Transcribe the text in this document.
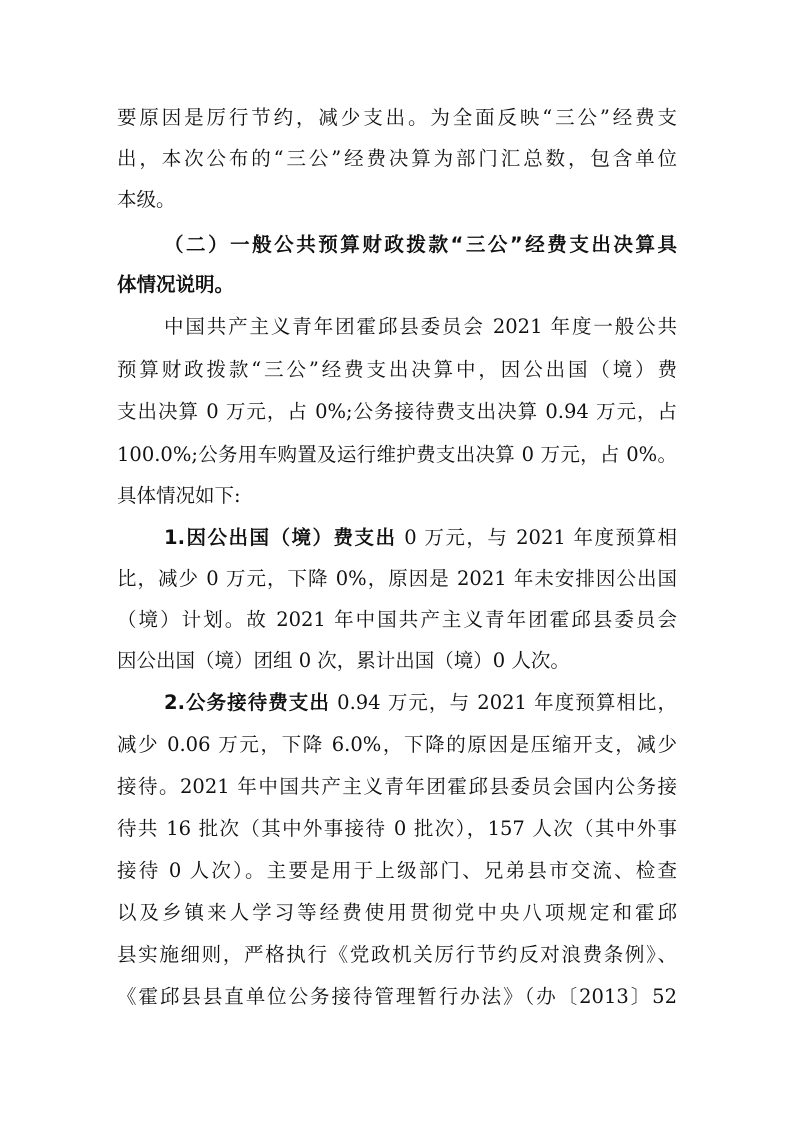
要原因是厉行节约，减少支出。为全面反映“三公”经费支
出，本次公布的“三公”经费决算为部门汇总数，包含单位
本级。
（二）一般公共预算财政拨款“三公”经费支出决算具
体情况说明。
中国共产主义青年团霍邱县委员会 2021 年度一般公共
预算财政拨款“三公”经费支出决算中，因公出国（境）费
支出决算 0 万元，占 0%;公务接待费支出决算 0.94 万元，占
100.0%;公务用车购置及运行维护费支出决算 0 万元，占 0%。
具体情况如下:
1.因公出国（境）费支出 0 万元，与 2021 年度预算相
比，减少 0 万元，下降 0%，原因是 2021 年未安排因公出国
（境）计划。故 2021 年中国共产主义青年团霍邱县委员会
因公出国（境）团组 0 次，累计出国（境）0 人次。
2.公务接待费支出 0.94 万元，与 2021 年度预算相比，
减少 0.06 万元，下降 6.0%，下降的原因是压缩开支，减少
接待。2021 年中国共产主义青年团霍邱县委员会国内公务接
待共 16 批次（其中外事接待 0 批次），157 人次（其中外事
接待 0 人次）。主要是用于上级部门、兄弟县市交流、检查
以及乡镇来人学习等经费使用贯彻党中央八项规定和霍邱
县实施细则，严格执行《党政机关厉行节约反对浪费条例》、
《霍邱县县直单位公务接待管理暂行办法》（办〔2013〕52
